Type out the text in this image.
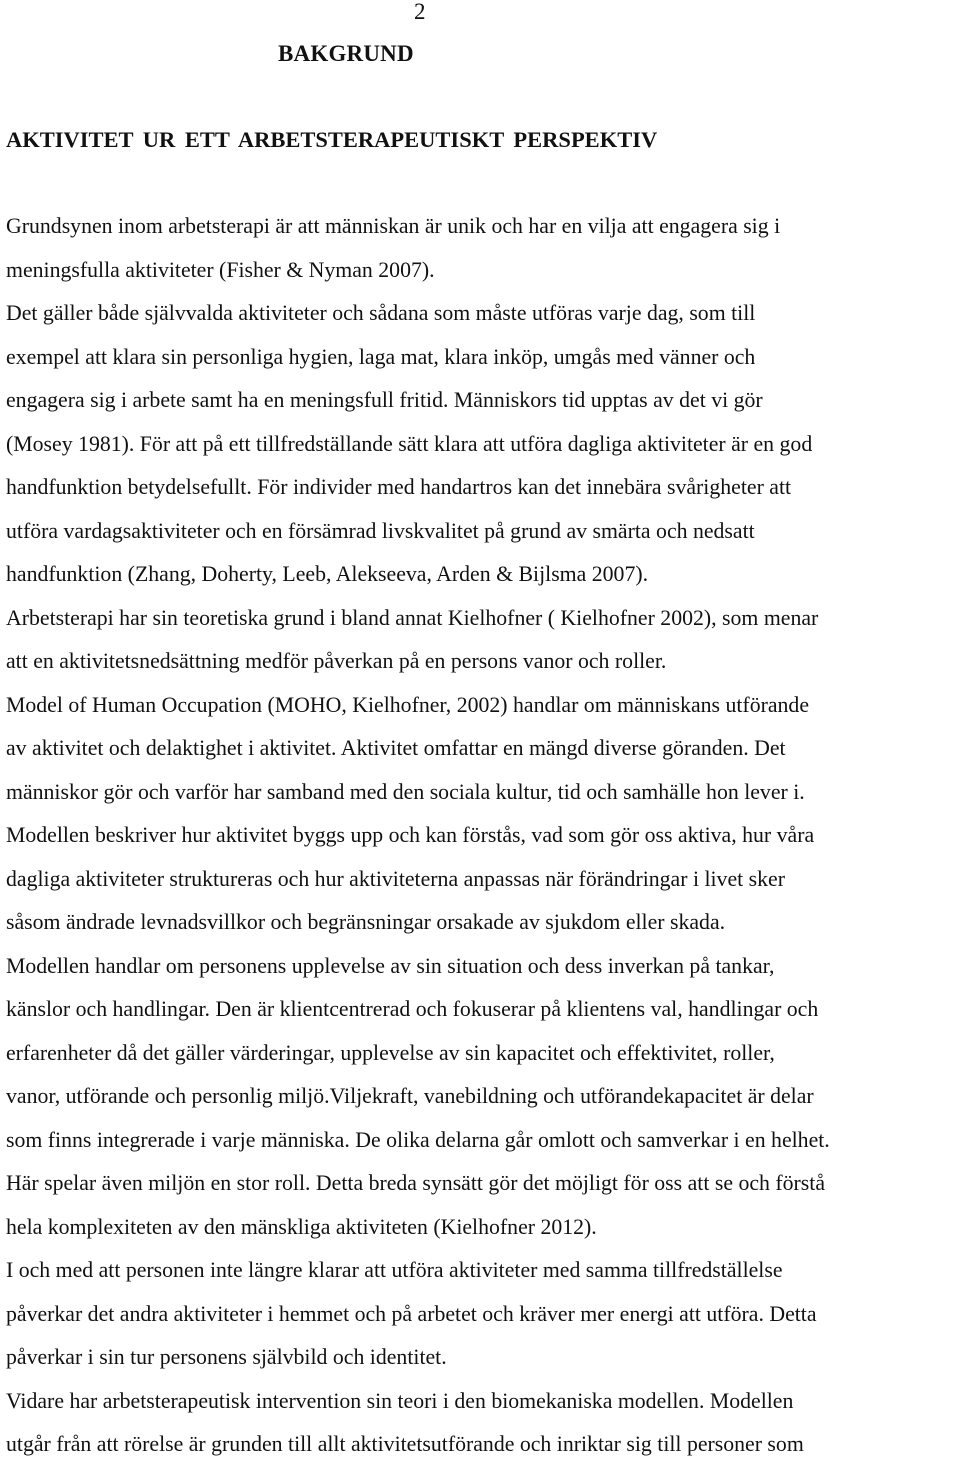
2
BAKGRUND
AKTIVITET UR ETT ARBETSTERAPEUTISKT PERSPEKTIV
Grundsynen inom arbetsterapi är att människan är unik och har en vilja att engagera sig i
meningsfulla aktiviteter (Fisher & Nyman 2007).
Det gäller både självvalda aktiviteter och sådana som måste utföras varje dag, som till
exempel att klara sin personliga hygien, laga mat, klara inköp, umgås med vänner och
engagera sig i arbete samt ha en meningsfull fritid. Människors tid upptas av det vi gör
(Mosey 1981). För att på ett tillfredställande sätt klara att utföra dagliga aktiviteter är en god
handfunktion betydelsefullt. För individer med handartros kan det innebära svårigheter att
utföra vardagsaktiviteter och en försämrad livskvalitet på grund av smärta och nedsatt
handfunktion (Zhang, Doherty, Leeb, Alekseeva, Arden & Bijlsma 2007).
Arbetsterapi har sin teoretiska grund i bland annat Kielhofner ( Kielhofner 2002), som menar
att en aktivitetsnedsättning medför påverkan på en persons vanor och roller.
Model of Human Occupation (MOHO, Kielhofner, 2002) handlar om människans utförande
av aktivitet och delaktighet i aktivitet. Aktivitet omfattar en mängd diverse göranden. Det
människor gör och varför har samband med den sociala kultur, tid och samhälle hon lever i.
Modellen beskriver hur aktivitet byggs upp och kan förstås, vad som gör oss aktiva, hur våra
dagliga aktiviteter struktureras och hur aktiviteterna anpassas när förändringar i livet sker
såsom ändrade levnadsvillkor och begränsningar orsakade av sjukdom eller skada.
Modellen handlar om personens upplevelse av sin situation och dess inverkan på tankar,
känslor och handlingar. Den är klientcentrerad och fokuserar på klientens val, handlingar och
erfarenheter då det gäller värderingar, upplevelse av sin kapacitet och effektivitet, roller,
vanor, utförande och personlig miljö.Viljekraft, vanebildning och utförandekapacitet är delar
som finns integrerade i varje människa. De olika delarna går omlott och samverkar i en helhet.
Här spelar även miljön en stor roll. Detta breda synsätt gör det möjligt för oss att se och förstå
hela komplexiteten av den mänskliga aktiviteten (Kielhofner 2012).
I och med att personen inte längre klarar att utföra aktiviteter med samma tillfredställelse
påverkar det andra aktiviteter i hemmet och på arbetet och kräver mer energi att utföra. Detta
påverkar i sin tur personens självbild och identitet.
Vidare har arbetsterapeutisk intervention sin teori i den biomekaniska modellen. Modellen
utgår från att rörelse är grunden till allt aktivitetsutförande och inriktar sig till personer som
